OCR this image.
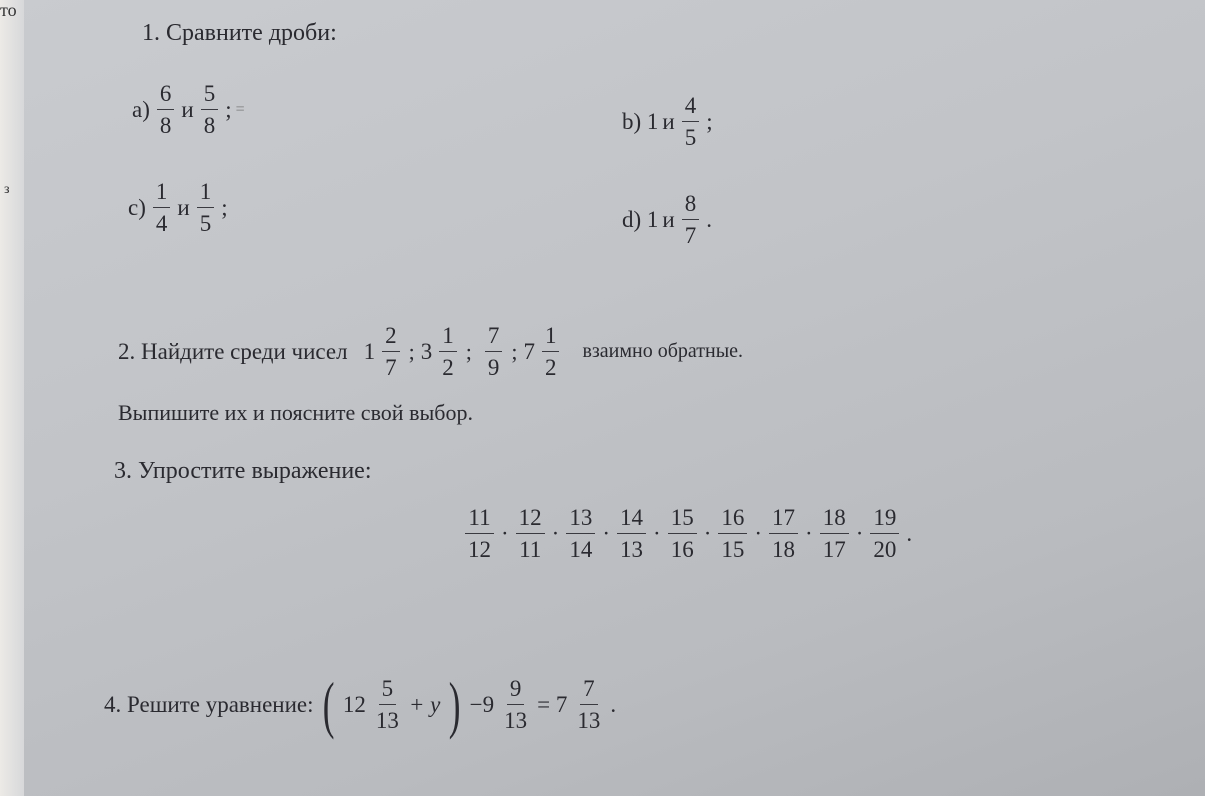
то
з
1. Сравните дроби:
$a) \frac{6}{8}$ и $\frac{5}{8}$ ; =	b) 1 и $\frac{4}{5}$ ;
$c) \frac{1}{4}$ и $\frac{1}{5}$ ;	d) 1 и $\frac{8}{7}$ .
2. Найдите среди чисел $1 \frac{2}{7}$ ; $3 \frac{1}{2}$ ; $\frac{7}{9}$ ; $7 \frac{1}{2}$ взаимно обратные.
Выпишите их и поясните свой выбор.
3. Упростите выражение:
$\frac{11}{12} \cdot \frac{12}{11} \cdot \frac{13}{14} \cdot \frac{14}{13} \cdot \frac{15}{16} \cdot \frac{16}{15} \cdot \frac{17}{18} \cdot \frac{18}{17} \cdot \frac{19}{20}$ .
4. Решите уравнение: ( $12 \frac{5}{13} + y$ ) $-9 \frac{9}{13} = 7 \frac{7}{13}$ .
